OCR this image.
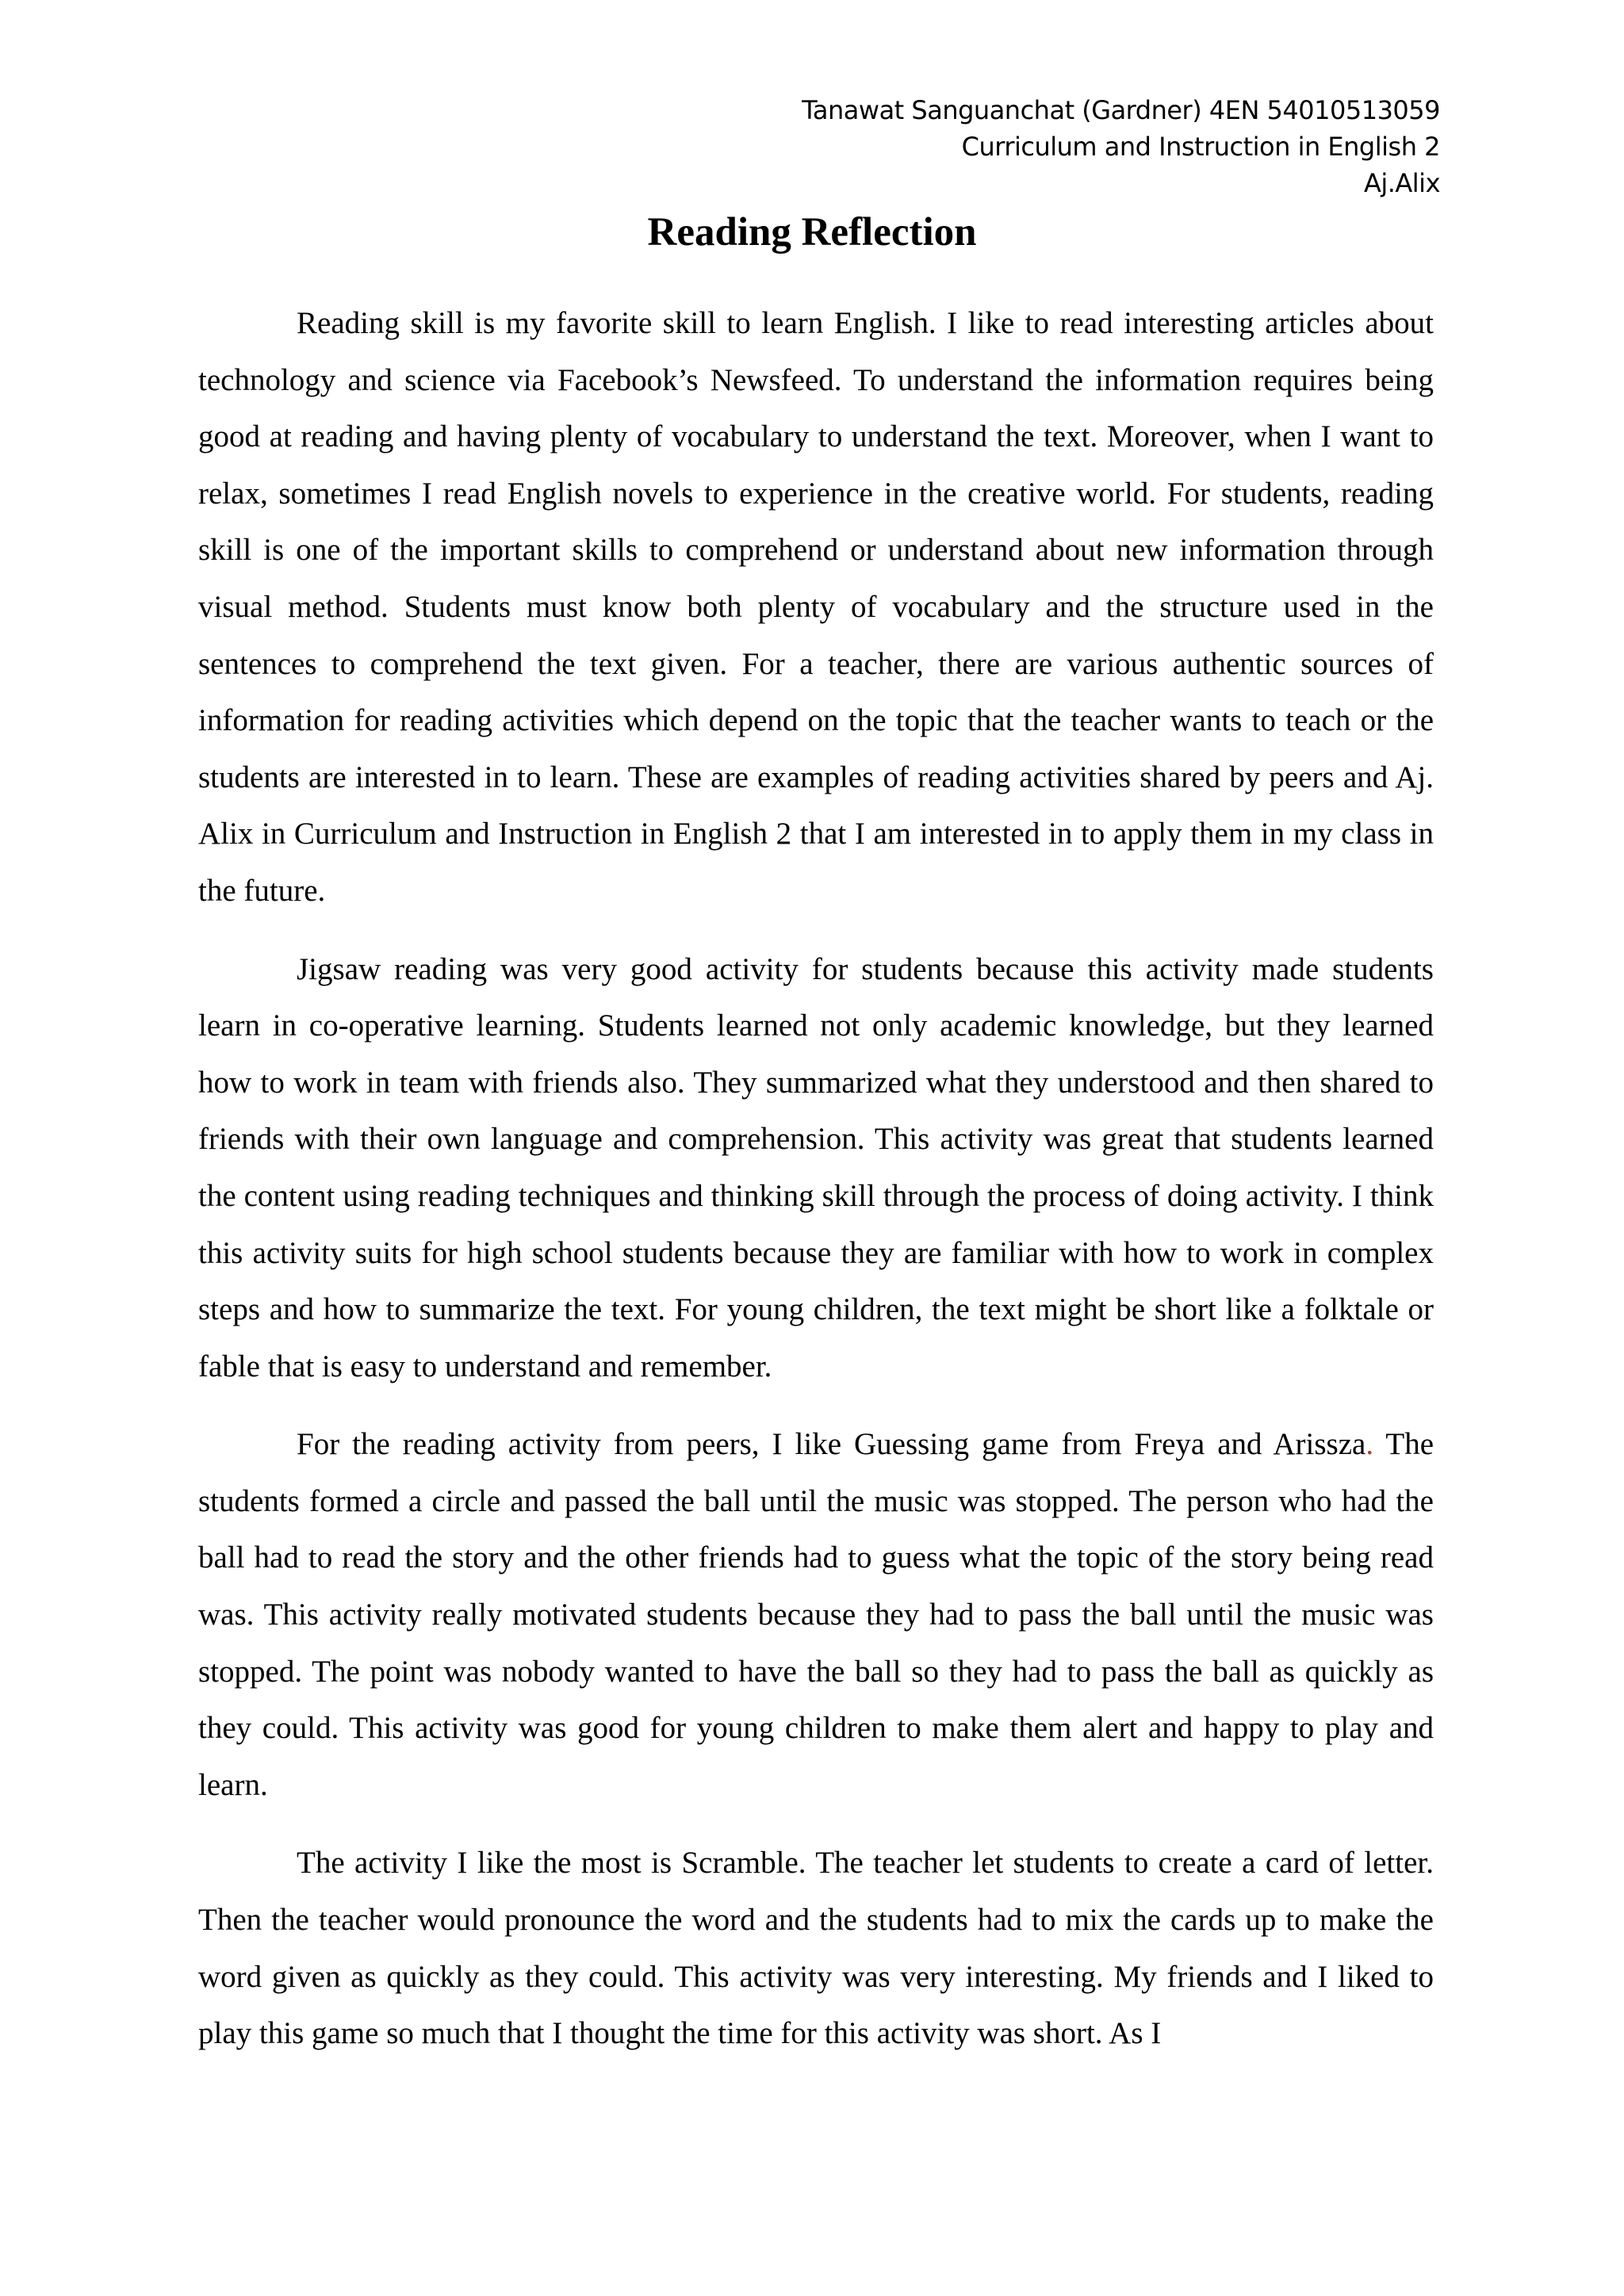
Tanawat Sanguanchat (Gardner) 4EN 54010513059
Curriculum and Instruction in English 2
Aj.Alix
Reading Reflection

Reading skill is my favorite skill to learn English. I like to read interesting articles about technology and science via Facebook’s Newsfeed. To understand the information requires being good at reading and having plenty of vocabulary to understand the text. Moreover, when I want to relax, sometimes I read English novels to experience in the creative world. For students, reading skill is one of the important skills to comprehend or understand about new information through visual method. Students must know both plenty of vocabulary and the structure used in the sentences to comprehend the text given. For a teacher, there are various authentic sources of information for reading activities which depend on the topic that the teacher wants to teach or the students are interested in to learn. These are examples of reading activities shared by peers and Aj. Alix in Curriculum and Instruction in English 2 that I am interested in to apply them in my class in the future.

Jigsaw reading was very good activity for students because this activity made students learn in co-operative learning. Students learned not only academic knowledge, but they learned how to work in team with friends also. They summarized what they understood and then shared to friends with their own language and comprehension. This activity was great that students learned the content using reading techniques and thinking skill through the process of doing activity. I think this activity suits for high school students because they are familiar with how to work in complex steps and how to summarize the text. For young children, the text might be short like a folktale or fable that is easy to understand and remember.

For the reading activity from peers, I like Guessing game from Freya and Arissza. The students formed a circle and passed the ball until the music was stopped. The person who had the ball had to read the story and the other friends had to guess what the topic of the story being read was. This activity really motivated students because they had to pass the ball until the music was stopped. The point was nobody wanted to have the ball so they had to pass the ball as quickly as they could. This activity was good for young children to make them alert and happy to play and learn.

The activity I like the most is Scramble. The teacher let students to create a card of letter. Then the teacher would pronounce the word and the students had to mix the cards up to make the word given as quickly as they could. This activity was very interesting. My friends and I liked to play this game so much that I thought the time for this activity was short. As I
